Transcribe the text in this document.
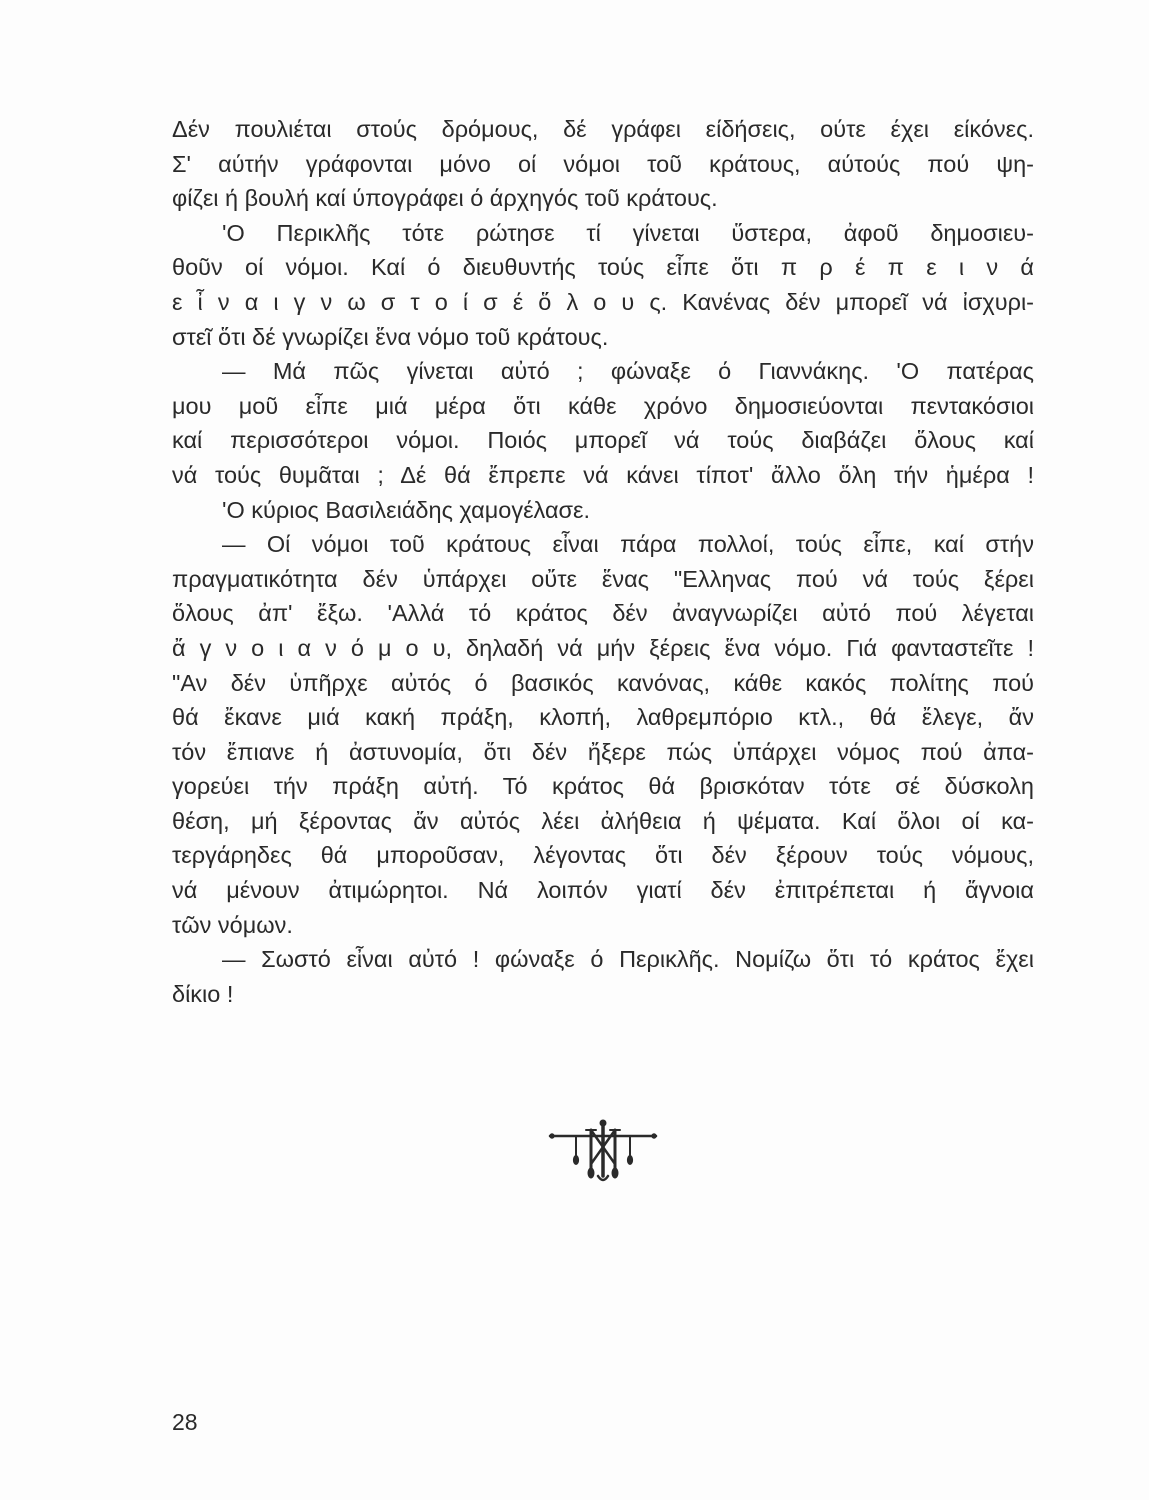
Δέν πουλιέται στούς δρόμους, δέ γράφει είδήσεις, ούτε έχει είκόνες.
Σ' αύτήν γράφονται μόνο οί νόμοι τοῦ κράτους, αύτούς πού ψη-
φίζει ή βουλή καί ύπογράφει ό άρχηγός τοῦ κράτους.
'Ο Περικλῆς τότε ρώτησε τί γίνεται ὕστερα, ἀφοῦ δημοσιευ-
θοῦν οί νόμοι. Καί ό διευθυντής τούς εἶπε ὅτι π ρ έ π ε ι ν ά
ε ἶ ν α ι γ ν ω σ τ ο ί σ έ ὅ λ ο υ ς. Κανένας δέν μπορεῖ νά ἰσχυρι-
στεῖ ὅτι δέ γνωρίζει ἕνα νόμο τοῦ κράτους.
— Μά πῶς γίνεται αὐτό ; φώναξε ό Γιαννάκης. 'Ο πατέρας
μου μοῦ εἶπε μιά μέρα ὅτι κάθε χρόνο δημοσιεύονται πεντακόσιοι
καί περισσότεροι νόμοι. Ποιός μπορεῖ νά τούς διαβάζει ὅλους καί
νά τούς θυμᾶται ; Δέ θά ἔπρεπε νά κάνει τίποτ' ἄλλο ὅλη τήν ἡμέρα !
'Ο κύριος Βασιλειάδης χαμογέλασε.
— Οί νόμοι τοῦ κράτους εἶναι πάρα πολλοί, τούς εἶπε, καί στήν
πραγματικότητα δέν ὑπάρχει οὔτε ἕνας "Ελληνας πού νά τούς ξέρει
ὅλους ἀπ' ἔξω. 'Αλλά τό κράτος δέν ἀναγνωρίζει αὐτό πού λέγεται
ἄ γ ν ο ι α ν ό μ ο υ, δηλαδή νά μήν ξέρεις ἕνα νόμο. Γιά φανταστεῖτε !
"Αν δέν ὑπῆρχε αὐτός ό βασικός κανόνας, κάθε κακός πολίτης πού
θά ἔκανε μιά κακή πράξη, κλοπή, λαθρεμπόριο κτλ., θά ἔλεγε, ἄν
τόν ἔπιανε ή ἀστυνομία, ὅτι δέν ἤξερε πώς ὑπάρχει νόμος πού ἀπα-
γορεύει τήν πράξη αὐτή. Τό κράτος θά βρισκόταν τότε σέ δύσκολη
θέση, μή ξέροντας ἄν αὐτός λέει ἀλήθεια ή ψέματα. Καί ὅλοι οί κα-
τεργάρηδες θά μποροῦσαν, λέγοντας ὅτι δέν ξέρουν τούς νόμους,
νά μένουν ἀτιμώρητοι. Νά λοιπόν γιατί δέν ἐπιτρέπεται ή ἄγνοια
τῶν νόμων.
— Σωστό εἶναι αὐτό ! φώναξε ό Περικλῆς. Νομίζω ὅτι τό κράτος ἔχει
δίκιο !
28
